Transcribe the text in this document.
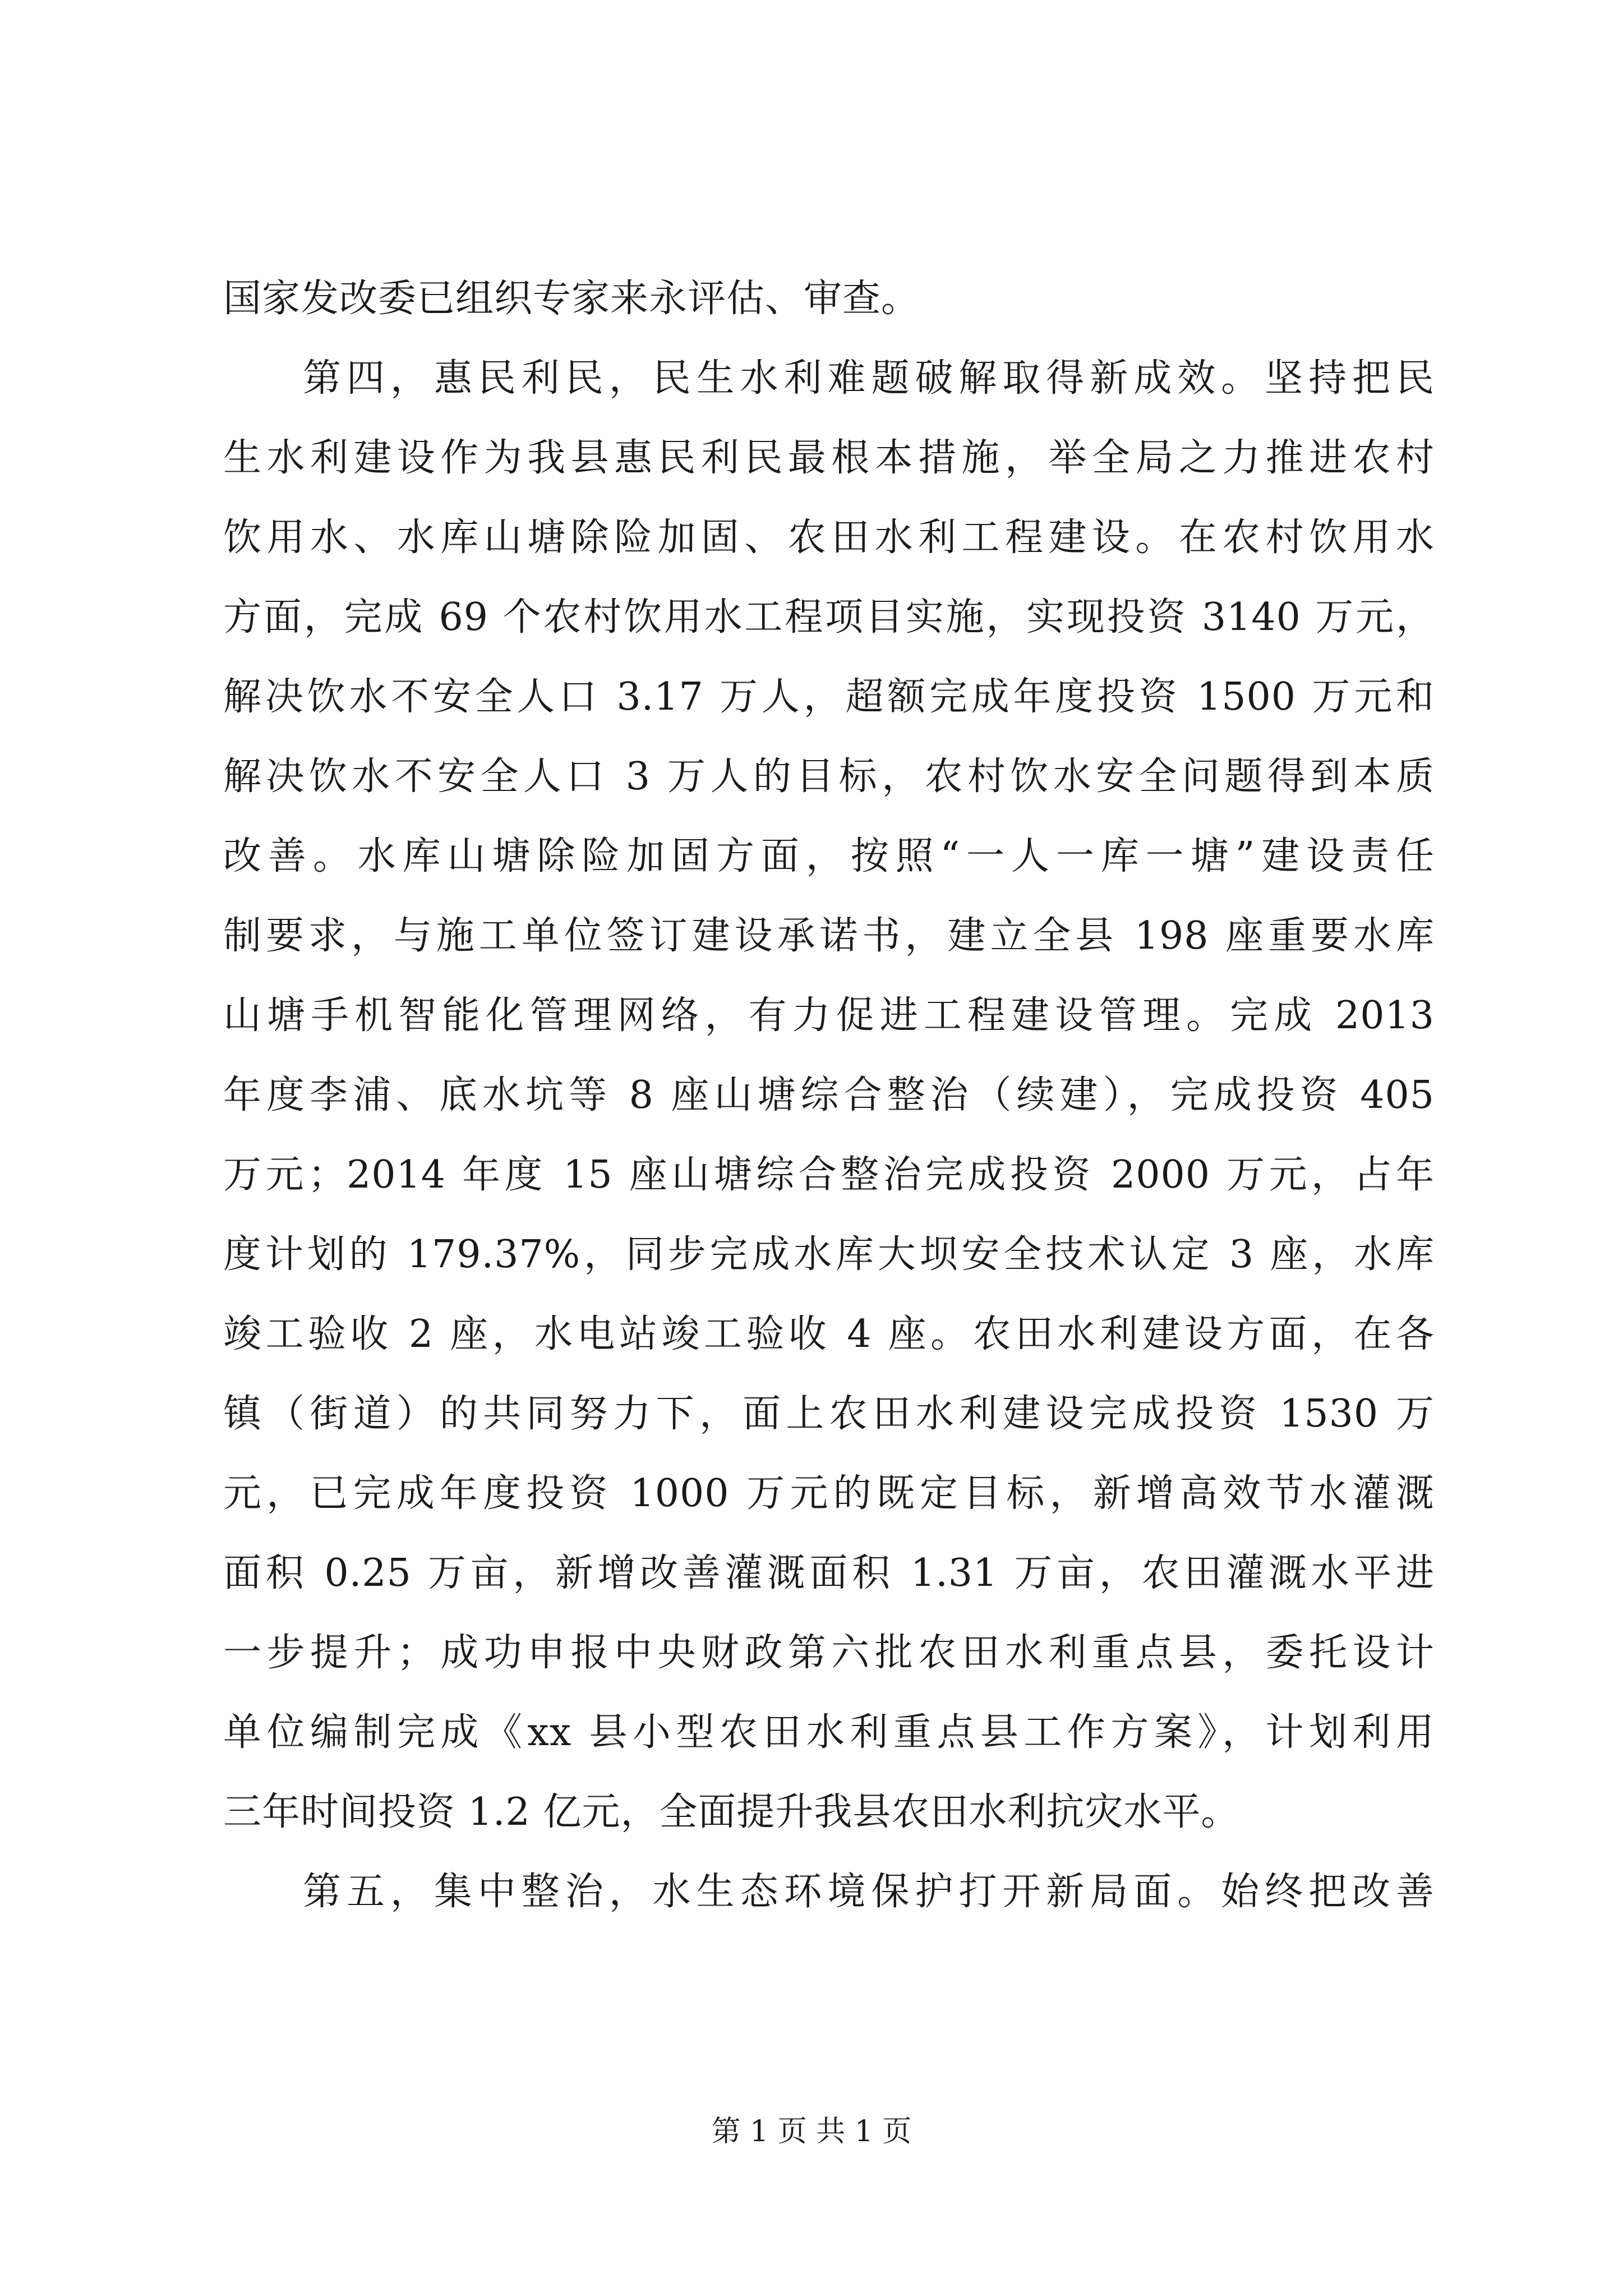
国家发改委已组织专家来永评估、审查。
第四，惠民利民，民生水利难题破解取得新成效。坚持把民
生水利建设作为我县惠民利民最根本措施，举全局之力推进农村
饮用水、水库山塘除险加固、农田水利工程建设。在农村饮用水
方面，完成 69 个农村饮用水工程项目实施，实现投资 3140 万元，
解决饮水不安全人口 3.17 万人，超额完成年度投资 1500 万元和
解决饮水不安全人口 3 万人的目标，农村饮水安全问题得到本质
改善。水库山塘除险加固方面，按照“一人一库一塘”建设责任
制要求，与施工单位签订建设承诺书，建立全县 198 座重要水库
山塘手机智能化管理网络，有力促进工程建设管理。完成 2013
年度李浦、底水坑等 8 座山塘综合整治（续建），完成投资 405
万元；2014 年度 15 座山塘综合整治完成投资 2000 万元，占年
度计划的 179.37%，同步完成水库大坝安全技术认定 3 座，水库
竣工验收 2 座，水电站竣工验收 4 座。农田水利建设方面，在各
镇（街道）的共同努力下，面上农田水利建设完成投资 1530 万
元，已完成年度投资 1000 万元的既定目标，新增高效节水灌溉
面积 0.25 万亩，新增改善灌溉面积 1.31 万亩，农田灌溉水平进
一步提升；成功申报中央财政第六批农田水利重点县，委托设计
单位编制完成《xx 县小型农田水利重点县工作方案》，计划利用
三年时间投资 1.2 亿元，全面提升我县农田水利抗灾水平。
第五，集中整治，水生态环境保护打开新局面。始终把改善
第 1 页 共 1 页
